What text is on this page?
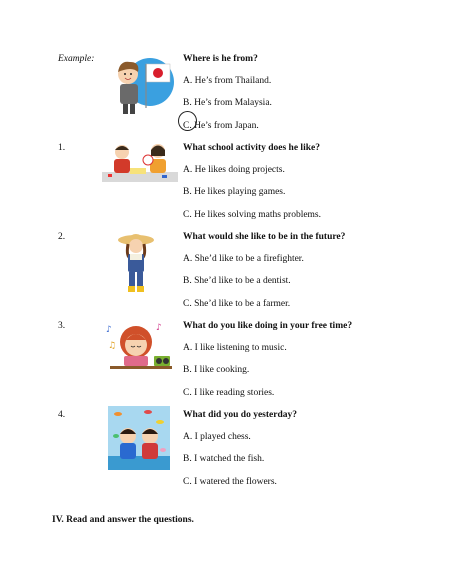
Example:	Where is he from?
A. He’s from Thailand.
B. He’s from Malaysia.
C. He’s from Japan.
1.	What school activity does he like?
A. He likes doing projects.
B. He likes playing games.
C. He likes solving maths problems.
2.	What would she like to be in the future?
A. She’d like to be a firefighter.
B. She’d like to be a dentist.
C. She’d like to be a farmer.
3.	What do you like doing in your free time?
A. I like listening to music.
B. I like cooking.
C. I like reading stories.
♪
♫
♪
4.	What did you do yesterday?
A. I played chess.
B. I watched the fish.
C. I watered the flowers.
IV. Read and answer the questions.
